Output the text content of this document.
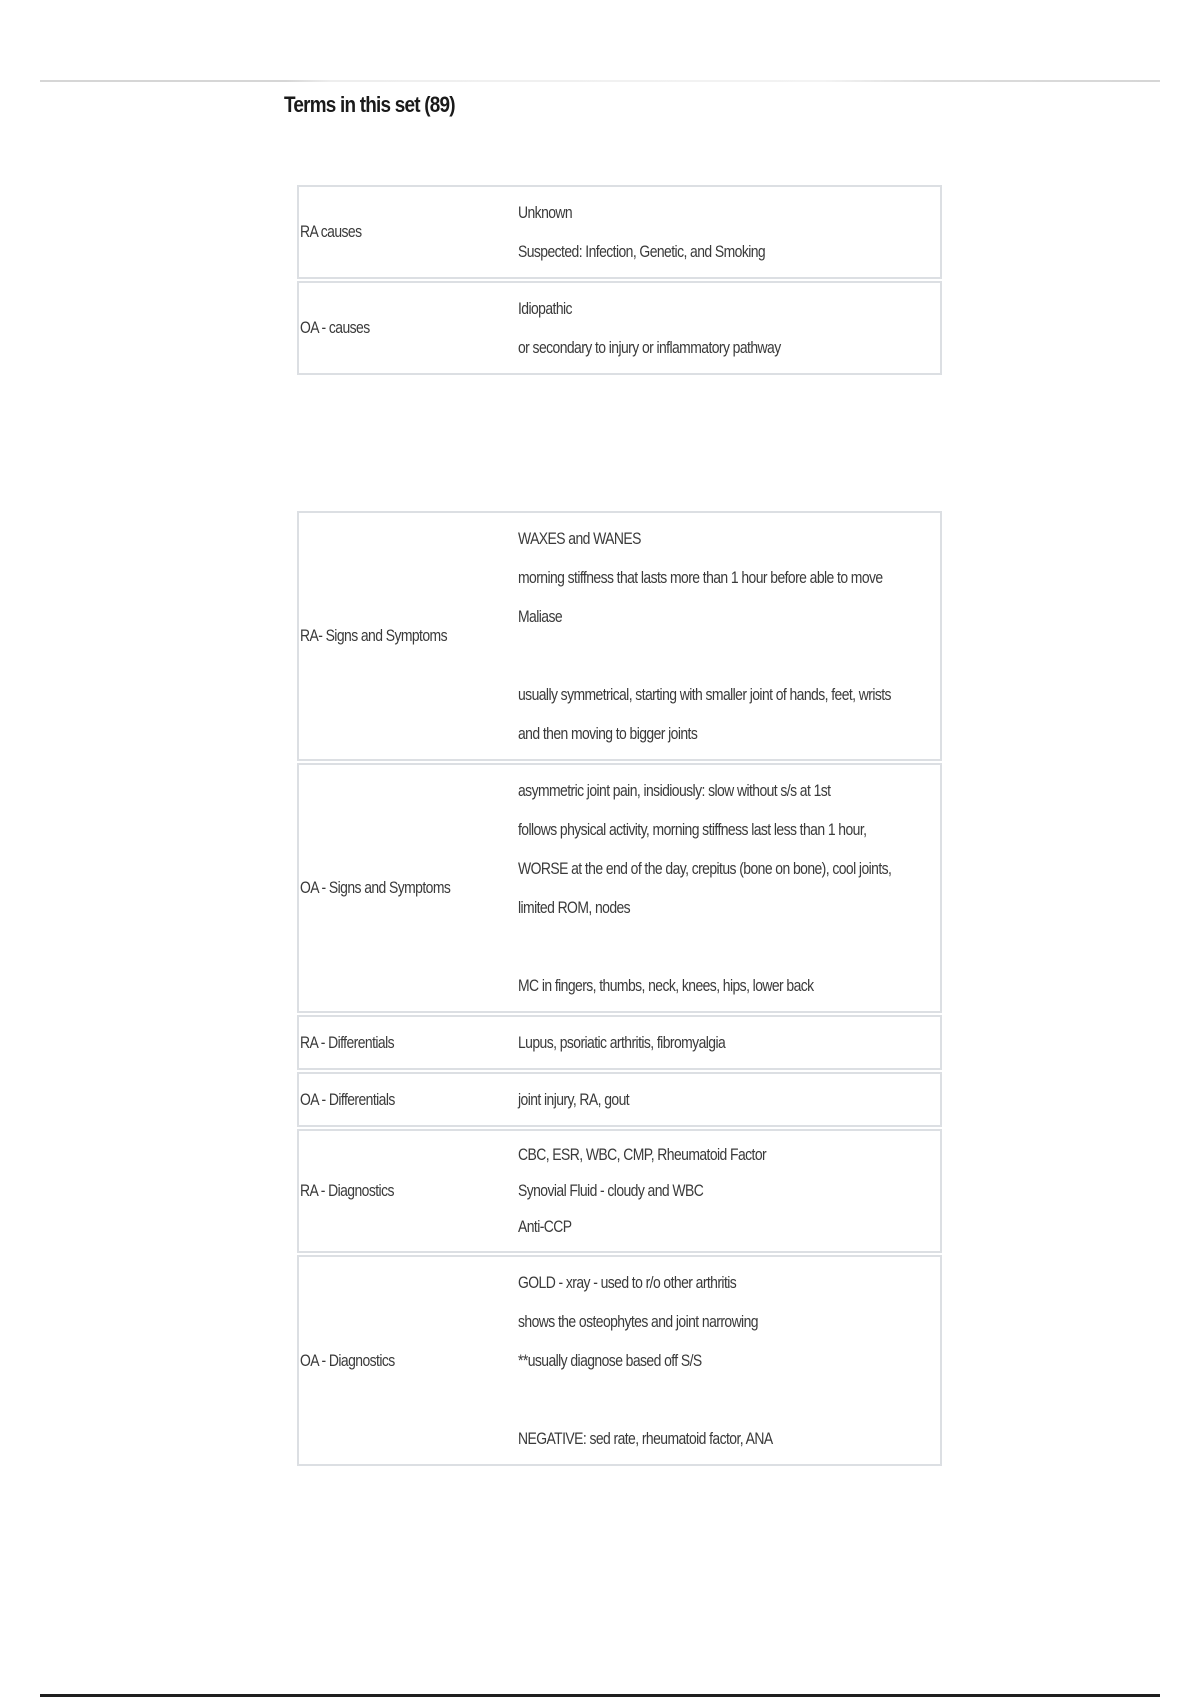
Terms in this set (89)
RA causes
Unknown
Suspected: Infection, Genetic, and Smoking
OA - causes
Idiopathic
or secondary to injury or inflammatory pathway
RA- Signs and Symptoms
WAXES and WANES
morning stiffness that lasts more than 1 hour before able to move
Maliase
usually symmetrical, starting with smaller joint of hands, feet, wrists
and then moving to bigger joints
OA - Signs and Symptoms
asymmetric joint pain, insidiously: slow without s/s at 1st
follows physical activity, morning stiffness last less than 1 hour,
WORSE at the end of the day, crepitus (bone on bone), cool joints,
limited ROM, nodes
MC in fingers, thumbs, neck, knees, hips, lower back
RA - Differentials	Lupus, psoriatic arthritis, fibromyalgia
OA - Differentials	joint injury, RA, gout
RA - Diagnostics
CBC, ESR, WBC, CMP, Rheumatoid Factor
Synovial Fluid - cloudy and WBC
Anti-CCP
OA - Diagnostics
GOLD - xray - used to r/o other arthritis
shows the osteophytes and joint narrowing
**usually diagnose based off S/S
NEGATIVE: sed rate, rheumatoid factor, ANA
